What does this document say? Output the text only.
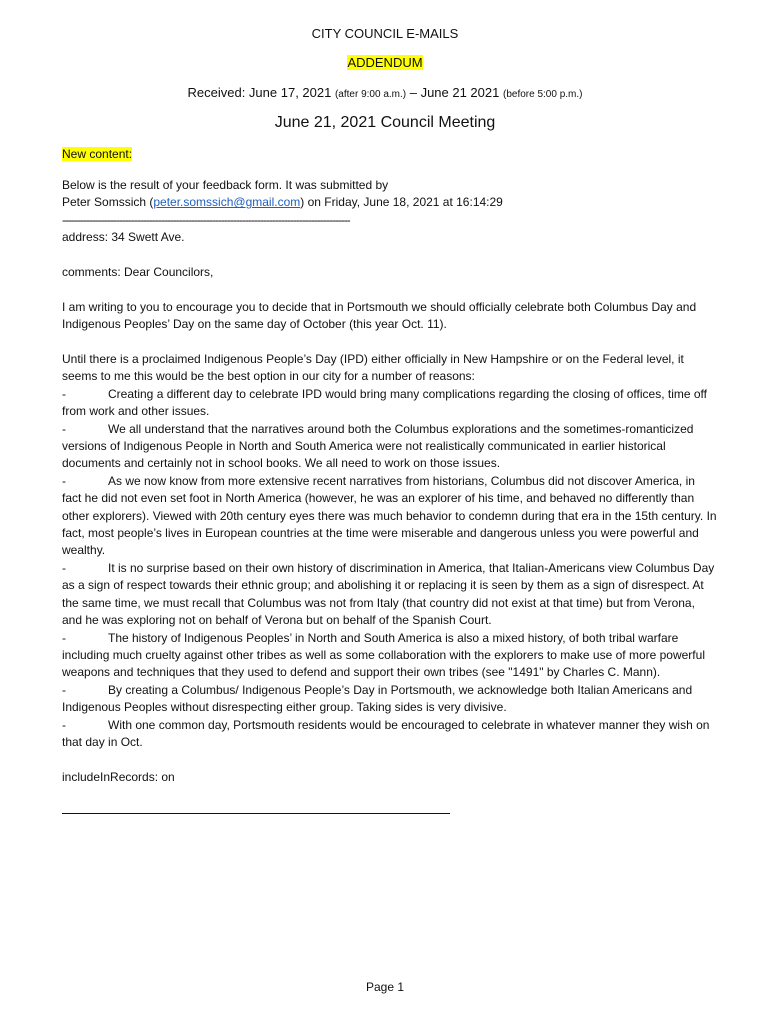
CITY COUNCIL E-MAILS
ADDENDUM
Received: June 17, 2021 (after 9:00 a.m.) – June 21 2021 (before 5:00 p.m.)
June 21, 2021 Council Meeting
New content:
Below is the result of your feedback form. It was submitted by
Peter Somssich (peter.somssich@gmail.com) on Friday, June 18, 2021 at 16:14:29
------------------------------------------------------------------------------------------------
address: 34 Swett Ave.
comments: Dear Councilors,
I am writing to you to encourage you to decide that in Portsmouth we should officially celebrate both Columbus Day and Indigenous Peoples’ Day on the same day of October (this year Oct. 11).
Until there is a proclaimed Indigenous People’s Day (IPD) either officially in New Hampshire or on the Federal level, it seems to me this would be the best option in our city for a number of reasons:
-	Creating a different day to celebrate IPD would bring many complications regarding the closing of offices, time off from work and other issues.
-	We all understand that the narratives around both the Columbus explorations and the sometimes-romanticized versions of Indigenous People in North and South America were not realistically communicated in earlier historical documents and certainly not in school books. We all need to work on those issues.
-	As we now know from more extensive recent narratives from historians, Columbus did not discover America, in fact he did not even set foot in North America (however, he was an explorer of his time, and behaved no differently than other explorers). Viewed with 20th century eyes there was much behavior to condemn during that era in the 15th century. In fact, most people’s lives in European countries at the time were miserable and dangerous unless you were powerful and wealthy.
-	It is no surprise based on their own history of discrimination in America, that Italian-Americans view Columbus Day as a sign of respect towards their ethnic group; and abolishing it or replacing it is seen by them as a sign of disrespect. At the same time, we must recall that Columbus was not from Italy (that country did not exist at that time) but from Verona, and he was exploring not on behalf of Verona but on behalf of the Spanish Court.
-	The history of Indigenous Peoples’ in North and South America is also a mixed history, of both tribal warfare including much cruelty against other tribes as well as some collaboration with the explorers to make use of more powerful weapons and techniques that they used to defend and support their own tribes (see "1491" by Charles C. Mann).
-	By creating a Columbus/ Indigenous People’s Day in Portsmouth, we acknowledge both Italian Americans and Indigenous Peoples without disrespecting either group. Taking sides is very divisive.
-	With one common day, Portsmouth residents would be encouraged to celebrate in whatever manner they wish on that day in Oct.
includeInRecords: on
Page 1
